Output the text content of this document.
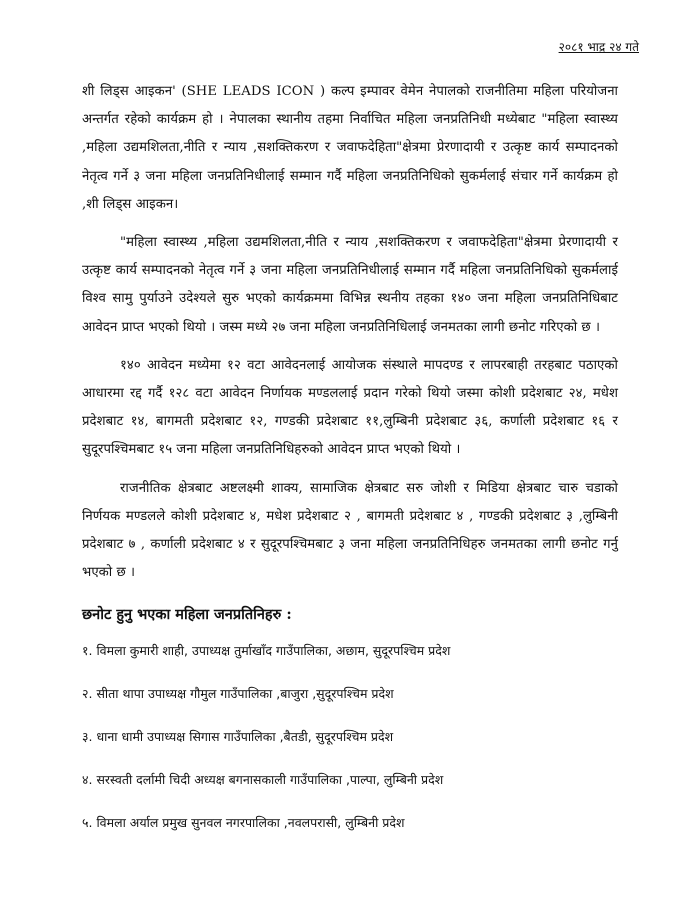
२०८१ भाद्र २४ गते

शी लिड्स आइकन' (SHE LEADS ICON ) कल्प इम्पावर वेमेन नेपालको राजनीतिमा महिला परियोजना अन्तर्गत रहेको कार्यक्रम हो । नेपालका स्थानीय तहमा निर्वाचित महिला जनप्रतिनिधी मध्येबाट "महिला स्वास्थ्य ,महिला उद्यमशिलता,नीति र न्याय ,सशक्तिकरण र जवाफदेहिता"क्षेत्रमा प्रेरणादायी र उत्कृष्ट कार्य सम्पादनको नेतृत्व गर्ने ३ जना महिला जनप्रतिनिधीलाई सम्मान गर्दै महिला जनप्रतिनिधिको सुकर्मलाई संचार गर्ने कार्यक्रम हो ,शी लिड्स आइकन।

"महिला स्वास्थ्य ,महिला उद्यमशिलता,नीति र न्याय ,सशक्तिकरण र जवाफदेहिता"क्षेत्रमा प्रेरणादायी र उत्कृष्ट कार्य सम्पादनको नेतृत्व गर्ने ३ जना महिला जनप्रतिनिधीलाई सम्मान गर्दै महिला जनप्रतिनिधिको सुकर्मलाई विश्व सामु पुर्याउने उदेश्यले सुरु भएको कार्यक्रममा विभिन्न स्थनीय तहका १४० जना महिला जनप्रतिनिधिबाट आवेदन प्राप्त भएको थियो । जस्म मध्ये २७ जना महिला जनप्रतिनिधिलाई जनमतका लागी छनोट गरिएको छ ।

१४० आवेदन मध्येमा १२ वटा आवेदनलाई आयोजक संस्थाले मापदण्ड र लापरबाही तरहबाट पठाएको आधारमा रद्द गर्दै १२८ वटा आवेदन निर्णायक मण्डललाई प्रदान गरेको थियो जस्मा कोशी प्रदेशबाट २४, मधेश प्रदेशबाट १४, बागमती प्रदेशबाट १२, गण्डकी प्रदेशबाट ११,लुम्बिनी प्रदेशबाट ३६, कर्णाली प्रदेशबाट १६ र सुदूरपश्चिमबाट १५ जना महिला जनप्रतिनिधिहरुको आवेदन प्राप्त भएको थियो ।

राजनीतिक क्षेत्रबाट अष्टलक्ष्मी शाक्य, सामाजिक क्षेत्रबाट सरु जोशी र मिडिया क्षेत्रबाट चारु चडाको निर्णयक मण्डलले कोशी प्रदेशबाट ४, मधेश प्रदेशबाट २ , बागमती प्रदेशबाट ४ , गण्डकी प्रदेशबाट ३ ,लुम्बिनी प्रदेशबाट ७ , कर्णाली प्रदेशबाट ४ र सुदूरपश्चिमबाट ३ जना महिला जनप्रतिनिधिहरु जनमतका लागी छनोट गर्नु भएको छ ।

छनोट हुनु भएका महिला जनप्रतिनिहरु :
१. विमला कुमारी शाही, उपाध्यक्ष तुर्माखाँद गाउँपालिका, अछाम, सुदूरपश्चिम प्रदेश
२. सीता थापा उपाध्यक्ष गौमुल गाउँपालिका ,बाजुरा ,सुदूरपश्चिम प्रदेश
३. धाना धामी उपाध्यक्ष सिगास गाउँपालिका ,बैतडी, सुदूरपश्चिम प्रदेश
४. सरस्वती दर्लामी चिदी अध्यक्ष बगनासकाली गाउँपालिका ,पाल्पा, लुम्बिनी प्रदेश
५. विमला अर्याल प्रमुख सुनवल नगरपालिका ,नवलपरासी, लुम्बिनी प्रदेश
